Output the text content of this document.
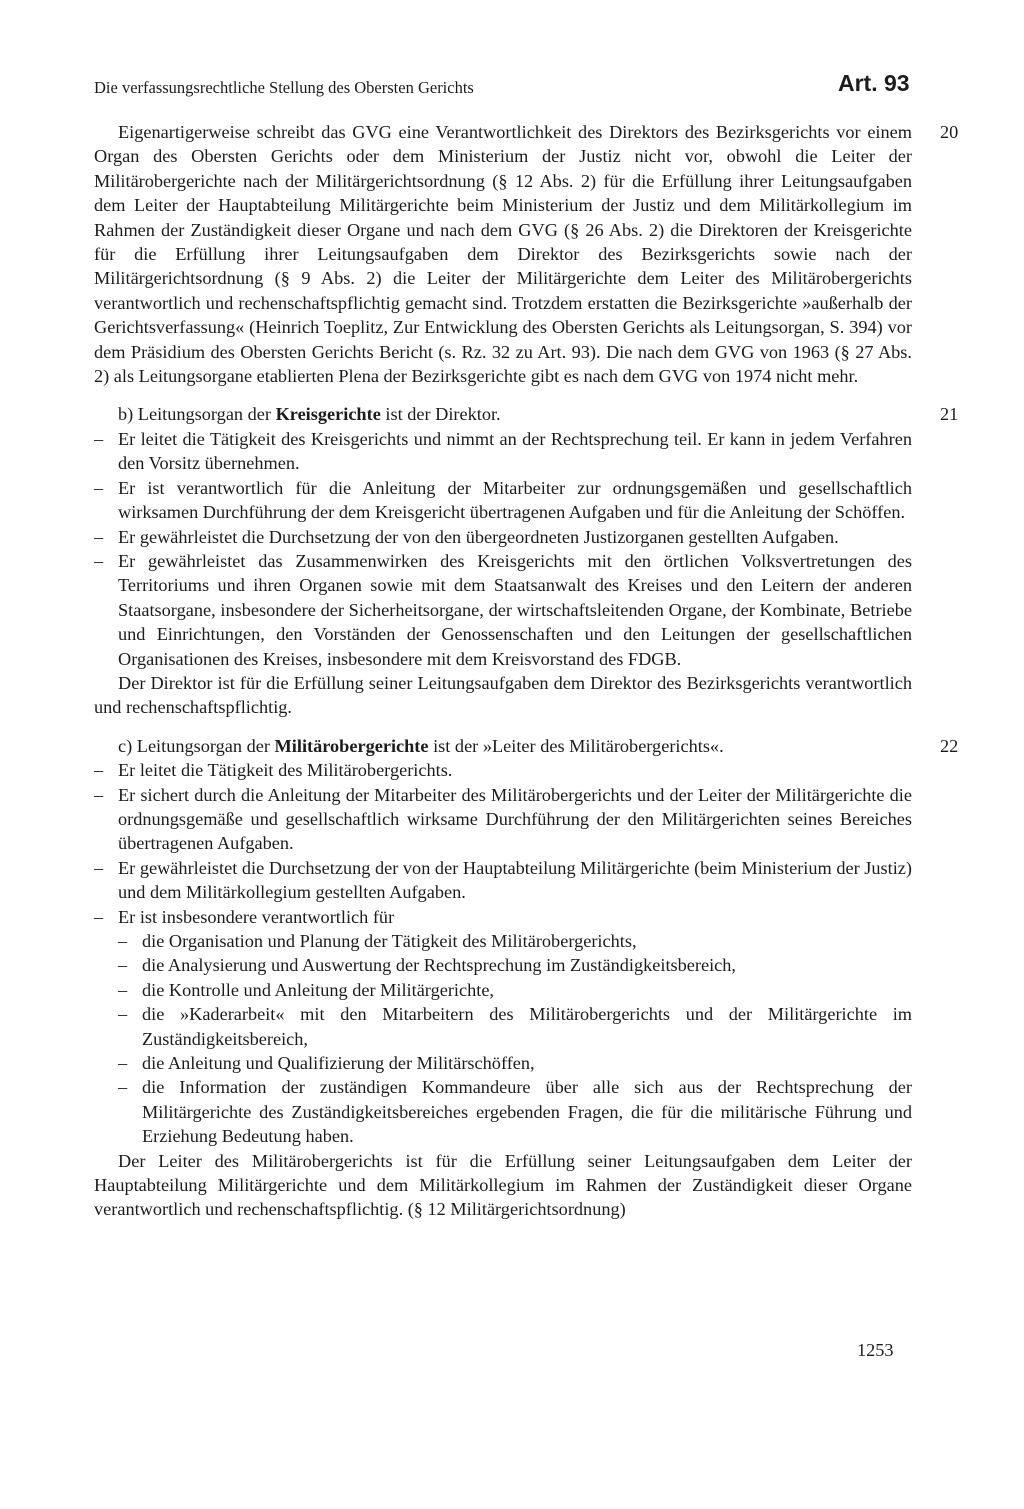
Die verfassungsrechtliche Stellung des Obersten Gerichts	Art. 93
20

Eigenartigerweise schreibt das GVG eine Verantwortlichkeit des Direktors des Bezirksgerichts vor einem Organ des Obersten Gerichts oder dem Ministerium der Justiz nicht vor, obwohl die Leiter der Militärobergerichte nach der Militärgerichtsordnung (§ 12 Abs. 2) für die Erfüllung ihrer Leitungsaufgaben dem Leiter der Hauptabteilung Militärgerichte beim Ministerium der Justiz und dem Militärkollegium im Rahmen der Zuständigkeit dieser Organe und nach dem GVG (§ 26 Abs. 2) die Direktoren der Kreisgerichte für die Erfüllung ihrer Leitungsaufgaben dem Direktor des Bezirksgerichts sowie nach der Militärgerichtsordnung (§ 9 Abs. 2) die Leiter der Militärgerichte dem Leiter des Militärobergerichts verantwortlich und rechenschaftspflichtig gemacht sind. Trotzdem erstatten die Bezirksgerichte »außerhalb der Gerichtsverfassung« (Heinrich Toeplitz, Zur Entwicklung des Obersten Gerichts als Leitungsorgan, S. 394) vor dem Präsidium des Obersten Gerichts Bericht (s. Rz. 32 zu Art. 93). Die nach dem GVG von 1963 (§ 27 Abs. 2) als Leitungsorgane etablierten Plena der Bezirksgerichte gibt es nach dem GVG von 1974 nicht mehr.

21

b) Leitungsorgan der Kreisgerichte ist der Direktor.

– Er leitet die Tätigkeit des Kreisgerichts und nimmt an der Rechtsprechung teil. Er kann in jedem Verfahren den Vorsitz übernehmen.
– Er ist verantwortlich für die Anleitung der Mitarbeiter zur ordnungsgemäßen und gesellschaftlich wirksamen Durchführung der dem Kreisgericht übertragenen Aufgaben und für die Anleitung der Schöffen.
– Er gewährleistet die Durchsetzung der von den übergeordneten Justizorganen gestellten Aufgaben.
– Er gewährleistet das Zusammenwirken des Kreisgerichts mit den örtlichen Volksvertretungen des Territoriums und ihren Organen sowie mit dem Staatsanwalt des Kreises und den Leitern der anderen Staatsorgane, insbesondere der Sicherheitsorgane, der wirtschaftsleitenden Organe, der Kombinate, Betriebe und Einrichtungen, den Vorständen der Genossenschaften und den Leitungen der gesellschaftlichen Organisationen des Kreises, insbesondere mit dem Kreisvorstand des FDGB.

Der Direktor ist für die Erfüllung seiner Leitungsaufgaben dem Direktor des Bezirksgerichts verantwortlich und rechenschaftspflichtig.

22

c) Leitungsorgan der Militärobergerichte ist der »Leiter des Militärobergerichts«.

– Er leitet die Tätigkeit des Militärobergerichts.
– Er sichert durch die Anleitung der Mitarbeiter des Militärobergerichts und der Leiter der Militärgerichte die ordnungsgemäße und gesellschaftlich wirksame Durchführung der den Militärgerichten seines Bereiches übertragenen Aufgaben.
– Er gewährleistet die Durchsetzung der von der Hauptabteilung Militärgerichte (beim Ministerium der Justiz) und dem Militärkollegium gestellten Aufgaben.
– Er ist insbesondere verantwortlich für
– die Organisation und Planung der Tätigkeit des Militärobergerichts,
– die Analysierung und Auswertung der Rechtsprechung im Zuständigkeitsbereich,
– die Kontrolle und Anleitung der Militärgerichte,
– die »Kaderarbeit« mit den Mitarbeitern des Militärobergerichts und der Militärgerichte im Zuständigkeitsbereich,
– die Anleitung und Qualifizierung der Militärschöffen,
– die Information der zuständigen Kommandeure über alle sich aus der Rechtsprechung der Militärgerichte des Zuständigkeitsbereiches ergebenden Fragen, die für die militärische Führung und Erziehung Bedeutung haben.

Der Leiter des Militärobergerichts ist für die Erfüllung seiner Leitungsaufgaben dem Leiter der Hauptabteilung Militärgerichte und dem Militärkollegium im Rahmen der Zuständigkeit dieser Organe verantwortlich und rechenschaftspflichtig. (§ 12 Militärgerichtsordnung)

1253
